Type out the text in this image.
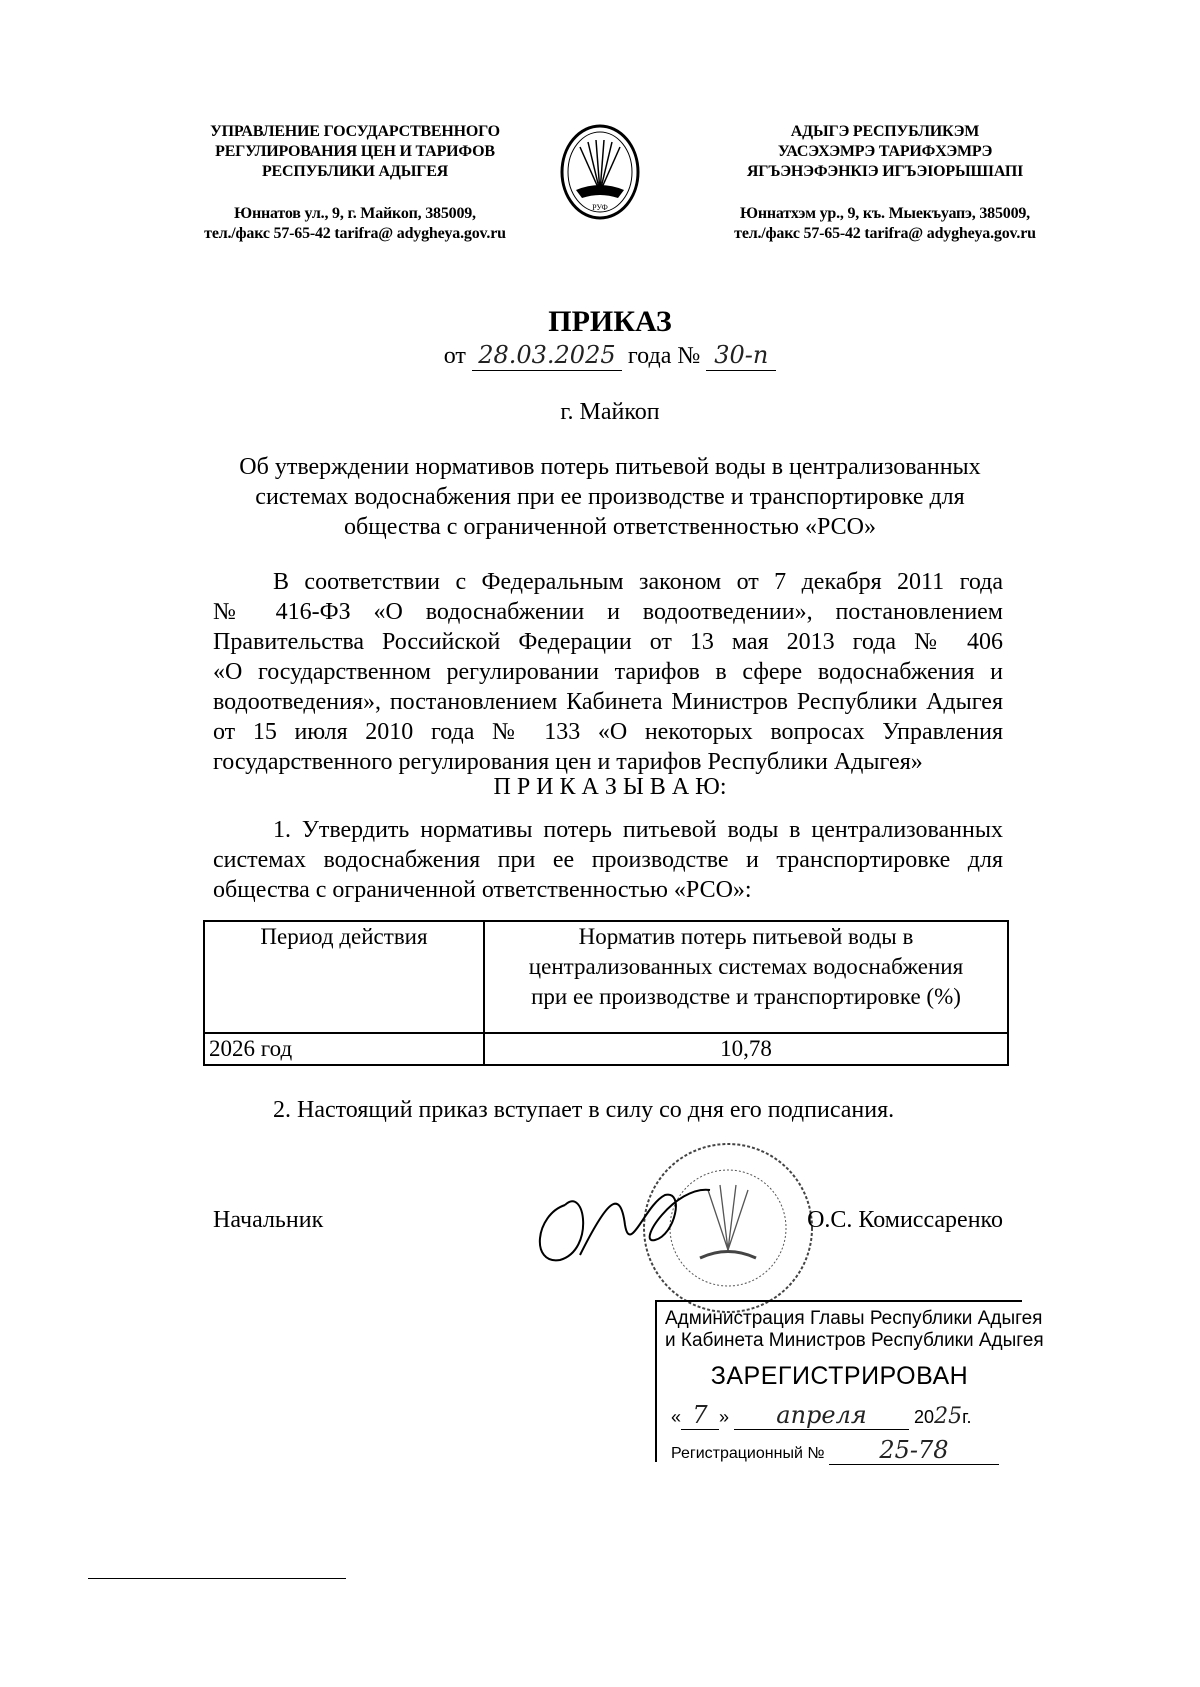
УПРАВЛЕНИЕ ГОСУДАРСТВЕННОГО
РЕГУЛИРОВАНИЯ ЦЕН И ТАРИФОВ
РЕСПУБЛИКИ АДЫГЕЯ
Юннатов ул., 9, г. Майкоп, 385009,
тел./факс 57-65-42 tarifra@ adygheya.gov.ru
РУФ
АДЫГЭ РЕСПУБЛИКЭМ
УАСЭХЭМРЭ ТАРИФХЭМРЭ
ЯГЪЭНЭФЭНКIЭ ИГЪЭIОРЫШIАПI
Юннатхэм ур., 9, къ. Мыекъуапэ, 385009,
тел./факс 57-65-42 tarifra@ adygheya.gov.ru
ПРИКАЗ
от 28.03.2025 года № 30-п
г. Майкоп
Об утверждении нормативов потерь питьевой воды в централизованных
системах водоснабжения при ее производстве и транспортировке для
общества с ограниченной ответственностью «РСО»
В соответствии с Федеральным законом от 7 декабря 2011 года
№ 416-ФЗ «О водоснабжении и водоотведении», постановлением
Правительства Российской Федерации от 13 мая 2013 года № 406
«О государственном регулировании тарифов в сфере водоснабжения и
водоотведения», постановлением Кабинета Министров Республики Адыгея
от 15 июля 2010 года № 133 «О некоторых вопросах Управления
государственного регулирования цен и тарифов Республики Адыгея»
П Р И К А З Ы В А Ю:
1. Утвердить нормативы потерь питьевой воды в централизованных
системах водоснабжения при ее производстве и транспортировке для
общества с ограниченной ответственностью «РСО»:
Период действия	Норматив потерь питьевой воды в централизованных системах водоснабжения при ее производстве и транспортировке (%)
2026 год	10,78
2. Настоящий приказ вступает в силу со дня его подписания.
Начальник	О.С. Комиссаренко
Администрация Главы Республики Адыгея
и Кабинета Министров Республики Адыгея
ЗАРЕГИСТРИРОВАН
« 7 » апреля	2025г.
Регистрационный № 25-78
